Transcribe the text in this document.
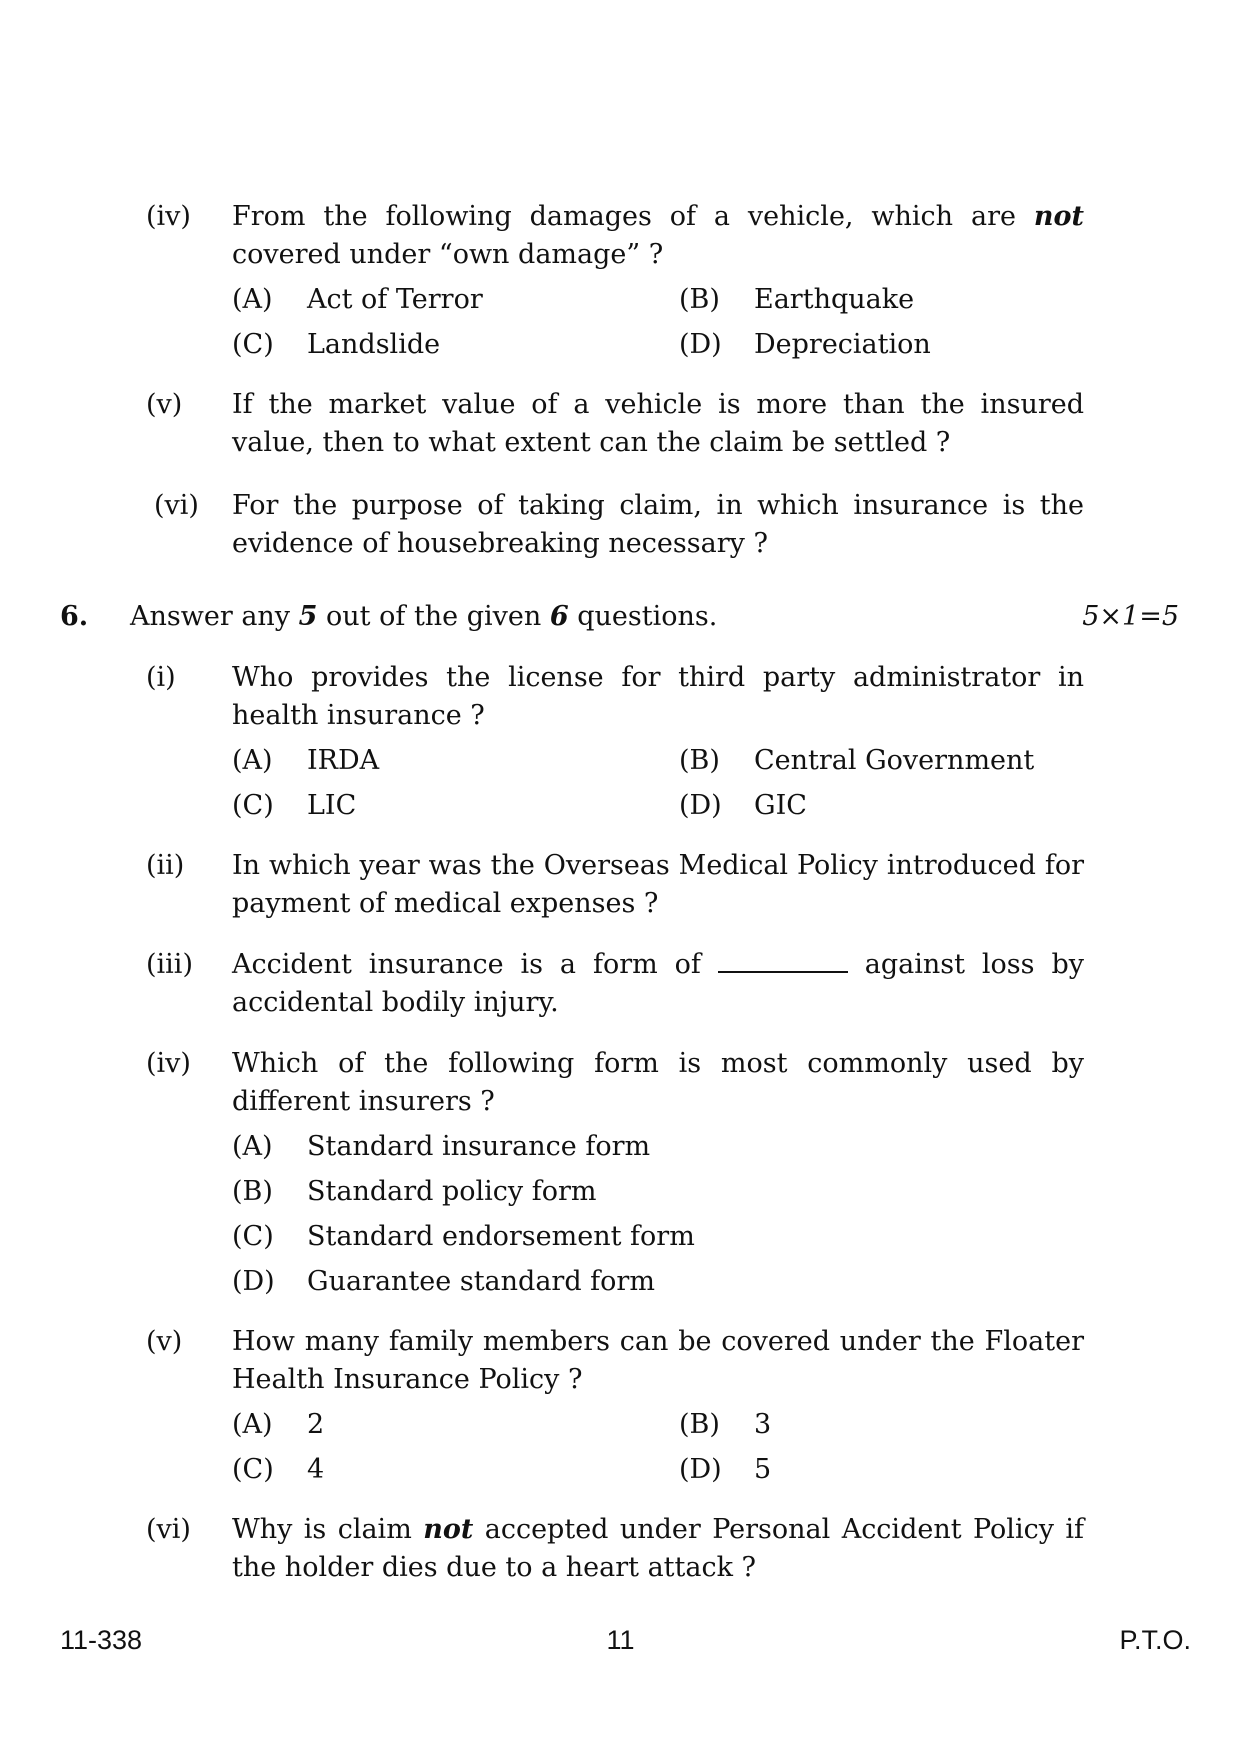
(iv) From the following damages of a vehicle, which are not covered under “own damage” ?
(A) Act of Terror	(B) Earthquake
(C) Landslide	(D) Depreciation
(v) If the market value of a vehicle is more than the insured value, then to what extent can the claim be settled ?
(vi) For the purpose of taking claim, in which insurance is the evidence of housebreaking necessary ?
6. Answer any 5 out of the given 6 questions.	5×1=5
(i) Who provides the license for third party administrator in health insurance ?
(A) IRDA	(B) Central Government
(C) LIC	(D) GIC
(ii) In which year was the Overseas Medical Policy introduced for payment of medical expenses ?
(iii) Accident insurance is a form of	against loss by accidental bodily injury.
(iv) Which of the following form is most commonly used by different insurers ?
(A) Standard insurance form
(B) Standard policy form
(C) Standard endorsement form
(D) Guarantee standard form
(v) How many family members can be covered under the Floater Health Insurance Policy ?
(A) 2	(B) 3
(C) 4	(D) 5
(vi) Why is claim not accepted under Personal Accident Policy if the holder dies due to a heart attack ?
11-338	11	P.T.O.
